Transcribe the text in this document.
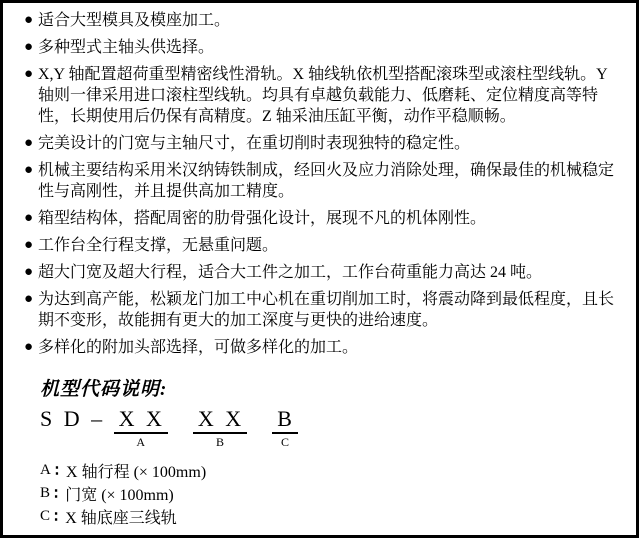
● 适合大型模具及模座加工。
● 多种型式主轴头供选择。
● X,Y 轴配置超荷重型精密线性滑轨。X 轴线轨依机型搭配滚珠型或滚柱型线轨。Y 轴则一律采用进口滚柱型线轨。均具有卓越负载能力、低磨耗、定位精度高等特性，长期使用后仍保有高精度。Z 轴采油压缸平衡，动作平稳顺畅。
● 完美设计的门宽与主轴尺寸，在重切削时表现独特的稳定性。
● 机械主要结构采用米汉纳铸铁制成，经回火及应力消除处理，确保最佳的机械稳定性与高刚性，并且提供高加工精度。
● 箱型结构体，搭配周密的肋骨强化设计，展现不凡的机体刚性。
● 工作台全行程支撑，无悬重问题。
● 超大门宽及超大行程，适合大工件之加工，工作台荷重能力高达 24 吨。
● 为达到高产能，松颖龙门加工中心机在重切削加工时，将震动降到最低程度，且长期不变形，故能拥有更大的加工深度与更快的进给速度。
● 多样化的附加头部选择，可做多样化的加工。
机型代码说明:
S D – X X
A
X X
B
B
C
A ∶ X 轴行程 (× 100mm)
B ∶ 门宽 (× 100mm)
C ∶ X 轴底座三线轨
